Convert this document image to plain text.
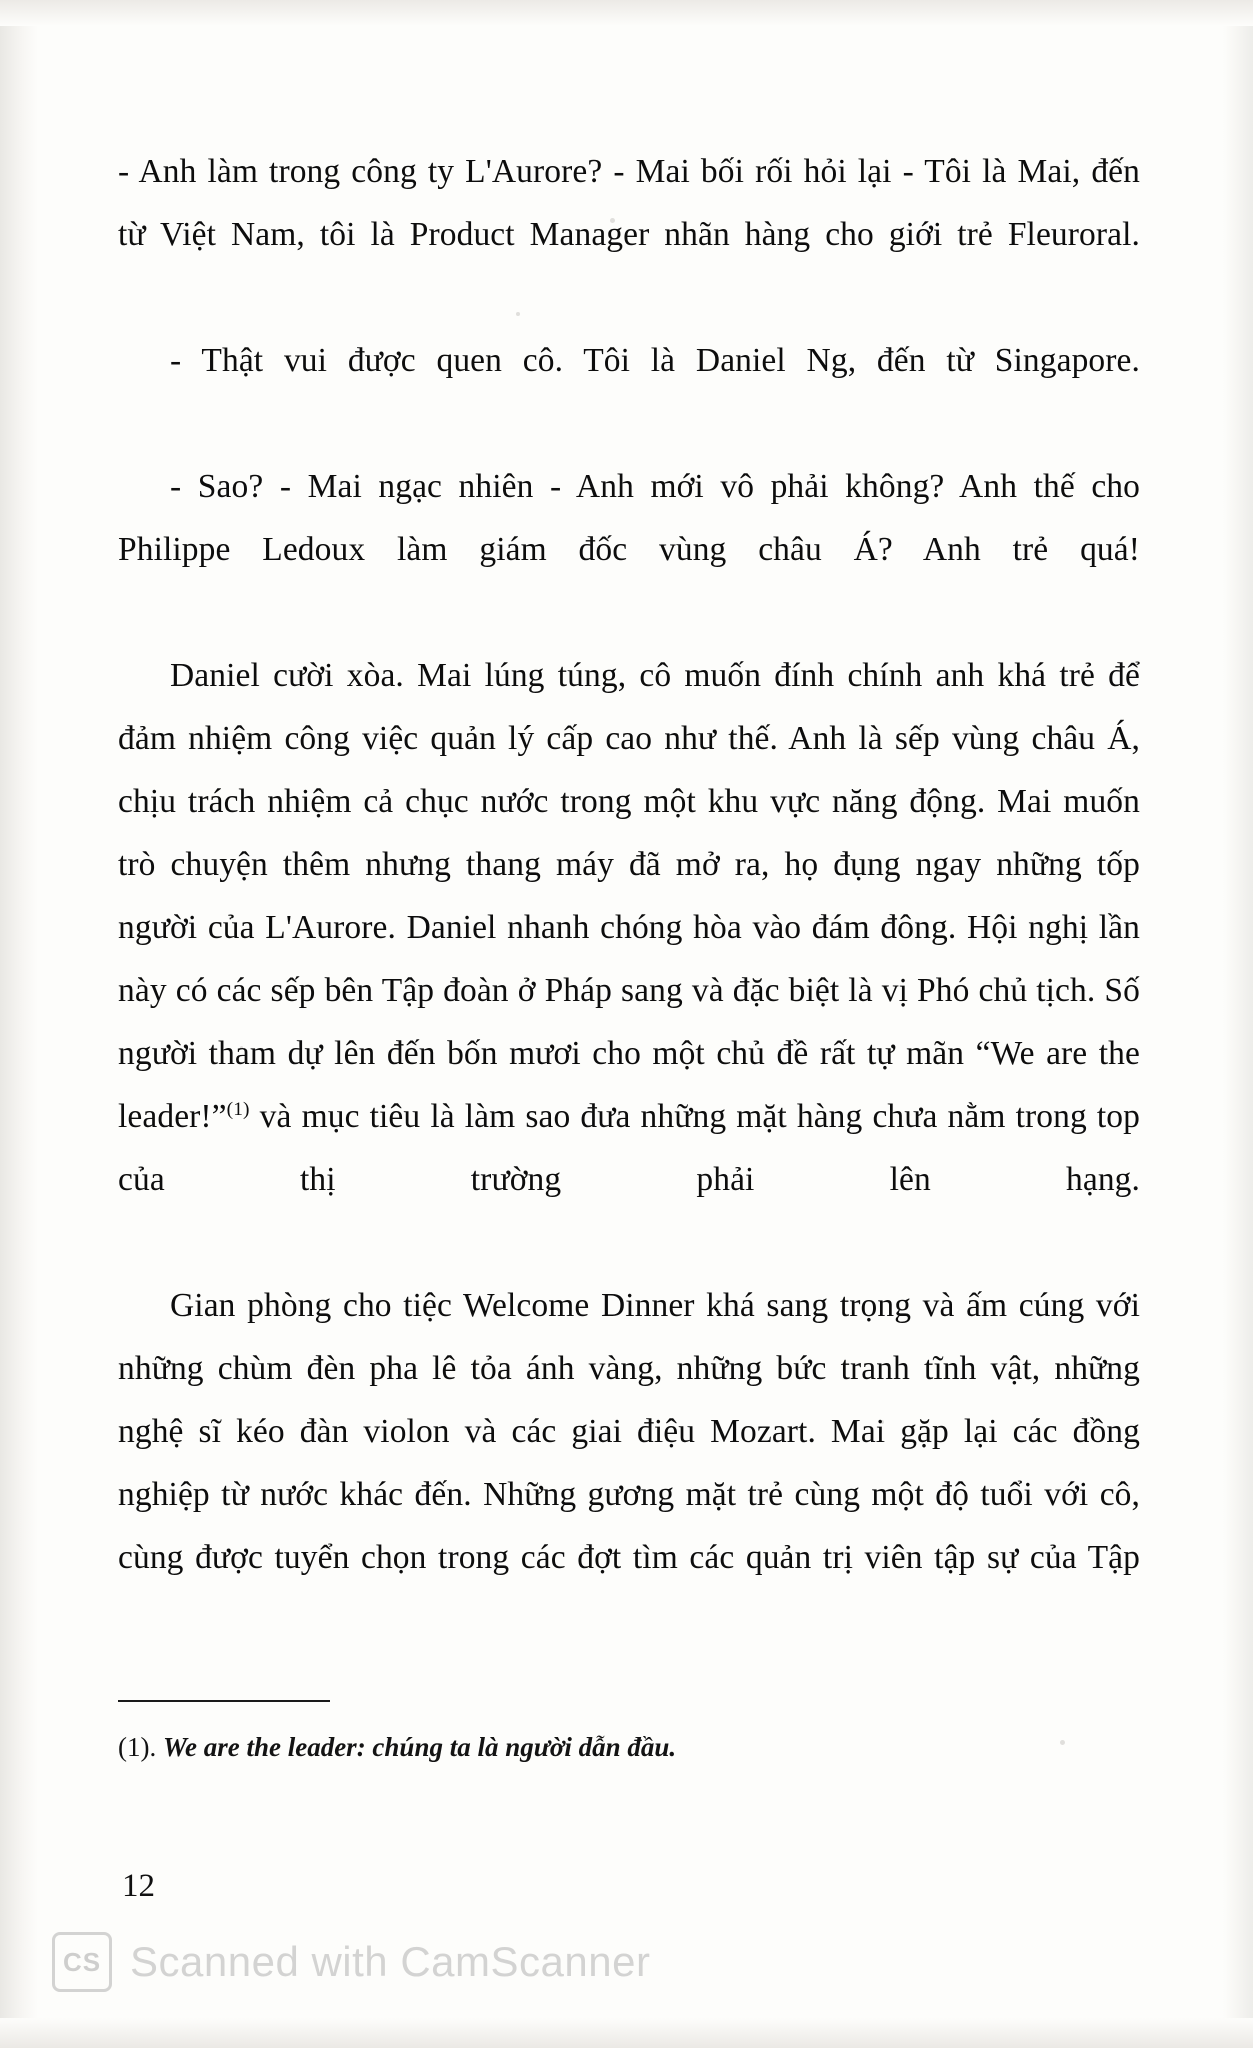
- Anh làm trong công ty L'Aurore? - Mai bối rối hỏi lại - Tôi là Mai, đến từ Việt Nam, tôi là Product Manager nhãn hàng cho giới trẻ Fleuroral.

- Thật vui được quen cô. Tôi là Daniel Ng, đến từ Singapore.

- Sao? - Mai ngạc nhiên - Anh mới vô phải không? Anh thế cho Philippe Ledoux làm giám đốc vùng châu Á? Anh trẻ quá!

Daniel cười xòa. Mai lúng túng, cô muốn đính chính anh khá trẻ để đảm nhiệm công việc quản lý cấp cao như thế. Anh là sếp vùng châu Á, chịu trách nhiệm cả chục nước trong một khu vực năng động. Mai muốn trò chuyện thêm nhưng thang máy đã mở ra, họ đụng ngay những tốp người của L'Aurore. Daniel nhanh chóng hòa vào đám đông. Hội nghị lần này có các sếp bên Tập đoàn ở Pháp sang và đặc biệt là vị Phó chủ tịch. Số người tham dự lên đến bốn mươi cho một chủ đề rất tự mãn “We are the leader!”$^{(1)}$ và mục tiêu là làm sao đưa những mặt hàng chưa nằm trong top của thị trường phải lên hạng.

Gian phòng cho tiệc Welcome Dinner khá sang trọng và ấm cúng với những chùm đèn pha lê tỏa ánh vàng, những bức tranh tĩnh vật, những nghệ sĩ kéo đàn violon và các giai điệu Mozart. Mai gặp lại các đồng nghiệp từ nước khác đến. Những gương mặt trẻ cùng một độ tuổi với cô, cùng được tuyển chọn trong các đợt tìm các quản trị viên tập sự của Tập

(1). We are the leader: chúng ta là người dẫn đầu.
12
CS Scanned with CamScanner
